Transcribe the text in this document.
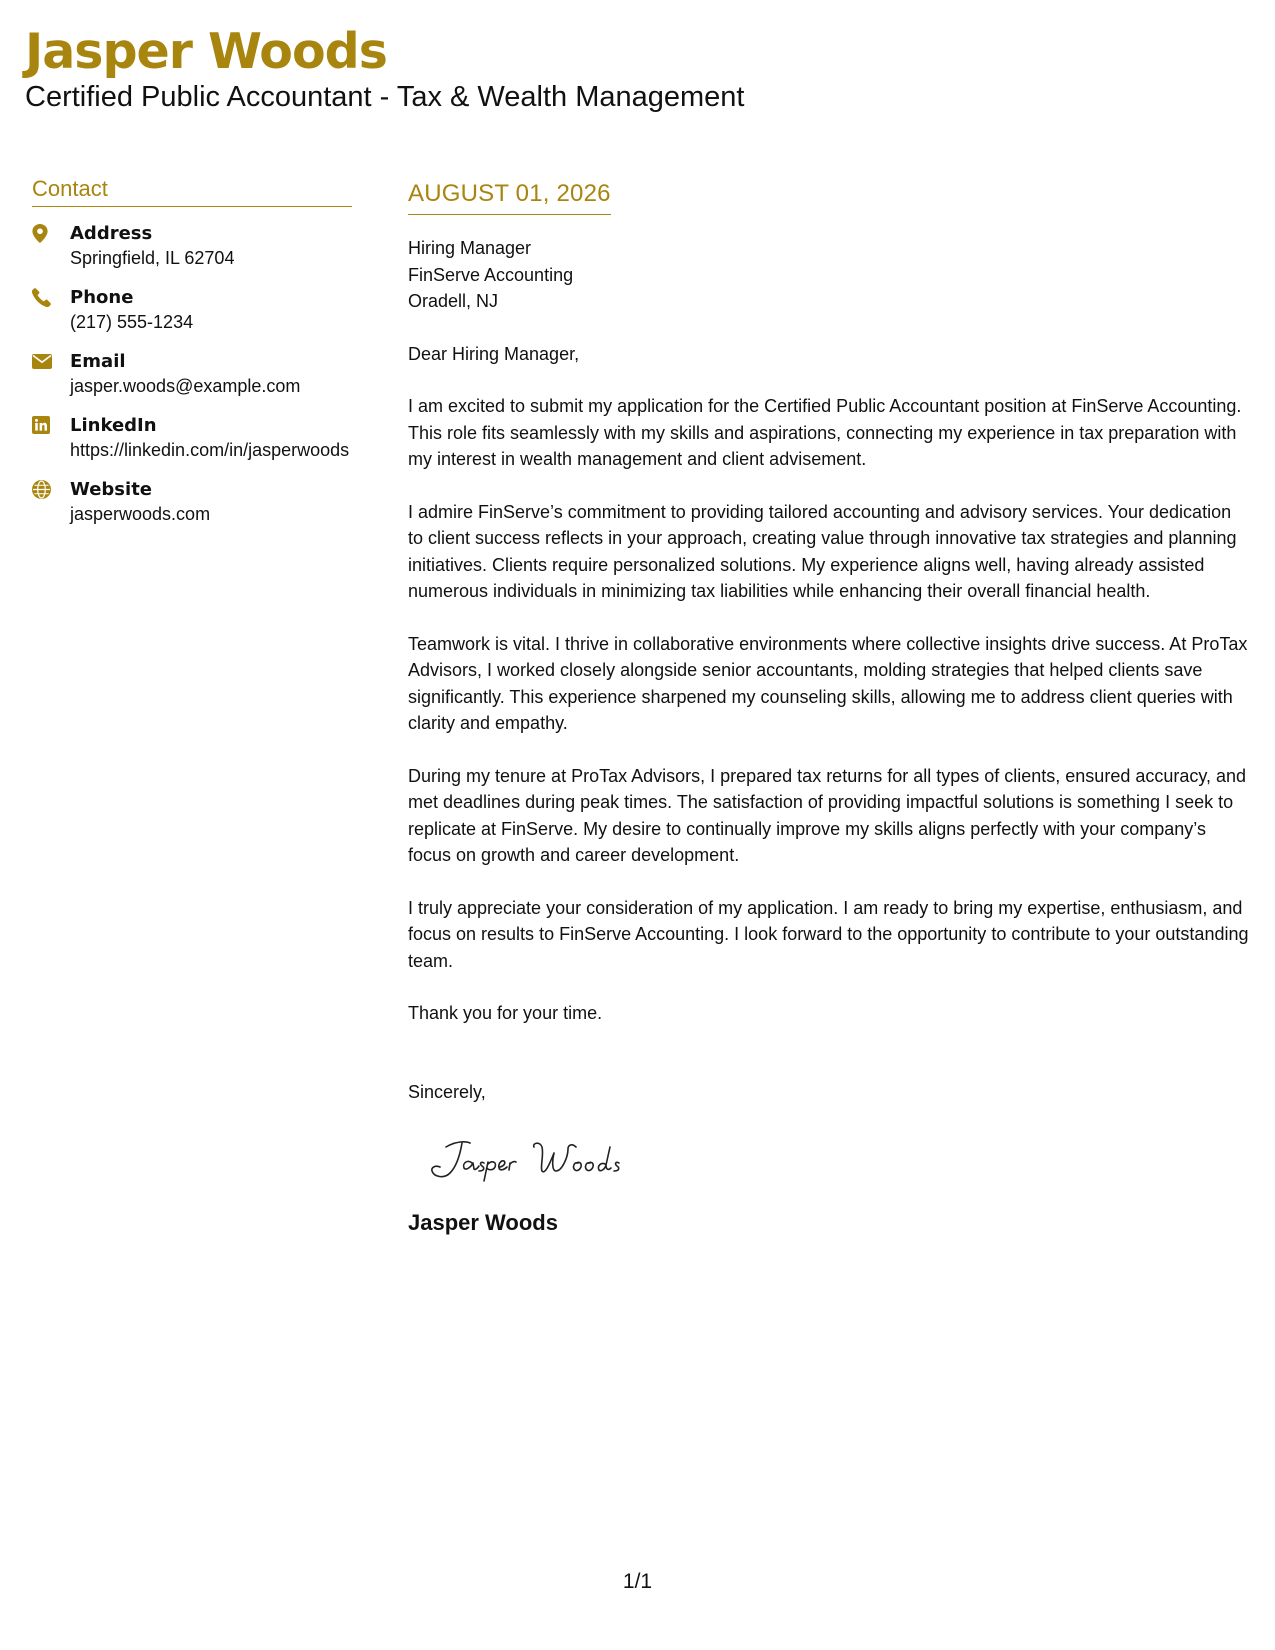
Jasper Woods
Certified Public Accountant - Tax & Wealth Management
Contact
Address
Springfield, IL 62704
Phone
(217) 555-1234
Email
jasper.woods@example.com
LinkedIn
https://linkedin.com/in/jasperwoods
Website
jasperwoods.com
AUGUST 01, 2026
Hiring Manager
FinServe Accounting
Oradell, NJ
Dear Hiring Manager,
I am excited to submit my application for the Certified Public Accountant position at FinServe Accounting. This role fits seamlessly with my skills and aspirations, connecting my experience in tax preparation with my interest in wealth management and client advisement.
I admire FinServe’s commitment to providing tailored accounting and advisory services. Your dedication to client success reflects in your approach, creating value through innovative tax strategies and planning initiatives. Clients require personalized solutions. My experience aligns well, having already assisted numerous individuals in minimizing tax liabilities while enhancing their overall financial health.
Teamwork is vital. I thrive in collaborative environments where collective insights drive success. At ProTax Advisors, I worked closely alongside senior accountants, molding strategies that helped clients save significantly. This experience sharpened my counseling skills, allowing me to address client queries with clarity and empathy.
During my tenure at ProTax Advisors, I prepared tax returns for all types of clients, ensured accuracy, and met deadlines during peak times. The satisfaction of providing impactful solutions is something I seek to replicate at FinServe. My desire to continually improve my skills aligns perfectly with your company’s focus on growth and career development.
I truly appreciate your consideration of my application. I am ready to bring my expertise, enthusiasm, and focus on results to FinServe Accounting. I look forward to the opportunity to contribute to your outstanding team.
Thank you for your time.
Sincerely,
Jasper Woods
1/1
